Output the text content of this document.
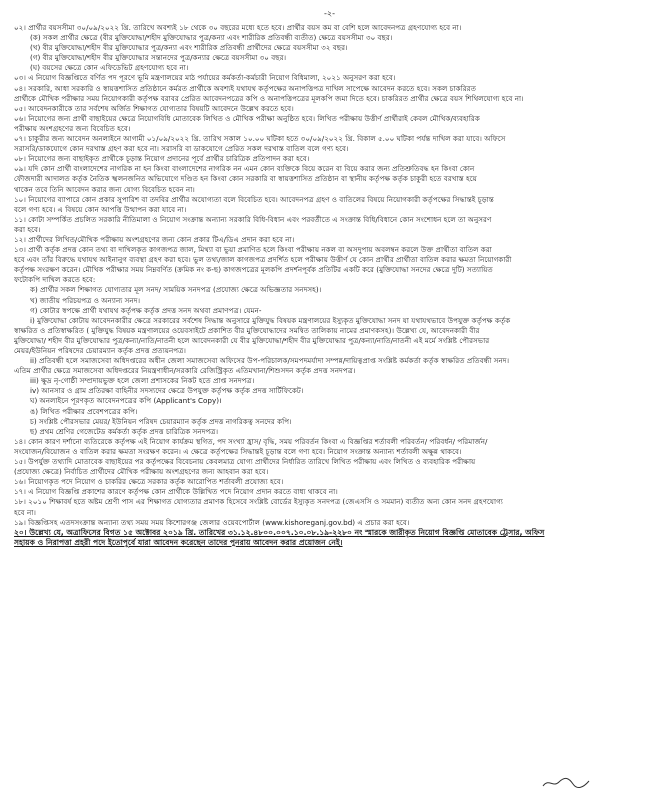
-২-
০২। প্রার্থীর বয়সসীমা ৩০/০৯/২০২২ খ্রি. তারিখে অবশ্যই ১৮ থেকে ৩০ বছরের মধ্যে হতে হবে। প্রার্থীর বয়স কম বা বেশি হলে আবেদনপত্র গ্রহণযোগ্য হবে না।
(ক) সকল প্রার্থীর ক্ষেত্রে (বীর মুক্তিযোদ্ধা/শহীদ মুক্তিযোদ্ধার পুত্র/কন্যা এবং শারীরিক প্রতিবন্ধী ব্যতীত) ক্ষেত্রে বয়সসীমা ৩০ বছর।
(খ) বীর মুক্তিযোদ্ধা/শহীদ বীর মুক্তিযোদ্ধার পুত্র/কন্যা এবং শারীরিক প্রতিবন্ধী প্রার্থীদের ক্ষেত্রে বয়সসীমা ৩২ বছর।
(গ) বীর মুক্তিযোদ্ধা/শহীদ বীর মুক্তিযোদ্ধার সন্তানদের পুত্র/কন্যার ক্ষেত্রে বয়সসীমা ৩০ বছর।
(ঘ) বয়সের ক্ষেত্রে কোন এফিডেভিট গ্রহণযোগ্য হবে না।
০৩। এ নিয়োগ বিজ্ঞপ্তিতে বর্ণিত পদ পূরণে ভূমি মন্ত্রণালয়ের মাঠ পর্যায়ের কর্মকর্তা-কর্মচারী নিয়োগ বিধিমালা, ২০২১ অনুসরণ করা হবে।
০৪। সরকারি, আধা সরকারি ও স্বায়ত্তশাসিত প্রতিষ্ঠানে কর্মরত প্রার্থীকে অবশ্যই যথাযথ কর্তৃপক্ষের অনাপত্তিপত্র দাখিল সাপেক্ষে আবেদন করতে হবে। সকল চাকরিরত
প্রার্থীকে মৌখিক পরীক্ষার সময় নিয়োগকারী কর্তৃপক্ষ বরাবর প্রেরিত আবেদনপত্রের কপি ও অনাপত্তিপত্রের মূলকপি জমা দিতে হবে। চাকরিরত প্রার্থীর ক্ষেত্রে বয়স শিথিলযোগ্য হবে না।
০৫। আবেদনকারীকে তার সর্বশেষ অর্জিত শিক্ষাগত যোগ্যতার বিষয়টি আবেদনে উল্লেখ করতে হবে।
০৬। নিয়োগের জন্য প্রার্থী বাছাইয়ের ক্ষেত্রে নিয়োগবিধি মোতাবেক লিখিত ও মৌখিক পরীক্ষা অনুষ্ঠিত হবে। লিখিত পরীক্ষায় উত্তীর্ণ প্রার্থীরাই কেবল মৌখিক/ব্যবহারিক
পরীক্ষায় অংশগ্রহণের জন্য বিবেচিত হবে।
০৭। চাকুরীর জন্য আবেদন অনলাইনে আগামী ০১/০৯/২০২২ খ্রি. তারিখ সকাল ১০.০০ ঘটিকা হতে ৩০/০৯/২০২২ খ্রি. বিকাল ৫.০০ ঘটিকা পর্যন্ত দাখিল করা যাবে। অফিসে
সরাসরি/ডাকযোগে কোন দরখাস্ত গ্রহণ করা হবে না। সরাসরি বা ডাকযোগে প্রেরিত সকল দরখাস্ত বাতিল বলে গণ্য হবে।
০৮। নিয়োগের জন্য বাছাইকৃত প্রার্থীকে চূড়ান্ত নিয়োগ প্রদানের পূর্বে প্রার্থীর চারিত্রিক প্রতিপাদন করা হবে।
০৯। যদি কোন প্রার্থী বাংলাদেশের নাগরিক না হন কিংবা বাংলাদেশের নাগরিক নন এমন কোন ব্যক্তিকে বিয়ে করেন বা বিয়ে করার জন্য প্রতিশ্রুতিবদ্ধ হন কিংবা কোন
ফৌজদারী আদালত কর্তৃক নৈতিক স্খলনজনিত অভিযোগে দণ্ডিত হন কিংবা কোন সরকারি বা স্বায়ত্তশাসিত প্রতিষ্ঠান বা স্থানীয় কর্তৃপক্ষ কর্তৃক চাকুরী হতে বরখাস্ত হয়ে
থাকেন তবে তিনি আবেদন করার জন্য যোগ্য বিবেচিত হবেন না।
১০। নিয়োগের ব্যাপারে কোন প্রকার সুপারিশ বা তদবির প্রার্থীর অযোগ্যতা বলে বিবেচিত হবে। আবেদনপত্র গ্রহণ ও বাতিলের বিষয়ে নিয়োগকারী কর্তৃপক্ষের সিদ্ধান্তই চূড়ান্ত
বলে গণ্য হবে। এ বিষয়ে কোন আপত্তি উত্থাপন করা যাবে না।
১১। কোটা সম্পর্কিত প্রচলিত সরকারি নীতিমালা ও নিয়োগ সংক্রান্ত অন্যান্য সরকারি বিধি-বিধান এবং পরবর্তীতে এ সংক্রান্ত বিধি/বিধানে কোন সংশোধন হলে তা অনুসরণ
করা হবে।
১২। প্রার্থীদের লিখিত/মৌখিক পরীক্ষায় অংশগ্রহণের জন্য কোন প্রকার টিএ/ডিএ প্রদান করা হবে না।
১৩। প্রার্থী কর্তৃক প্রদত্ত কোন তথ্য বা দাখিলকৃত কাগজপত্র জাল, মিথ্যা বা ভুয়া প্রমাণিত হলে কিংবা পরীক্ষায় নকল বা অসদুপায় অবলম্বন করলে উক্ত প্রার্থীতা বাতিল করা
হবে এবং তাঁর বিরুদ্ধে যথাযথ আইনানুগ ব্যবস্থা গ্রহণ করা হবে। ভুল তথ্য/জাল কাগজপত্র প্রদর্শিত হলে পরীক্ষায় উত্তীর্ণ যে কোন প্রার্থীর প্রার্থীতা বাতিল করার ক্ষমতা নিয়োগকারী
কর্তৃপক্ষ সংরক্ষণ করেন। মৌখিক পরীক্ষার সময় নিম্নবর্ণিত (ক্রমিক নং ক-ছ) কাগজপত্রের মূলকপি প্রদর্শনপূর্বক প্রতিটির একটি করে (মুক্তিযোদ্ধা সনদের ক্ষেত্রে দুটি) সত্যায়িত
ফটোকপি দাখিল করতে হবে:
ক) প্রার্থীর সকল শিক্ষাগত যোগ্যতার মূল সনদ/ সাময়িক সনদপত্র (প্রযোজ্য ক্ষেত্রে অভিজ্ঞতার সনদসহ)।
খ) জাতীয় পরিচয়পত্র ও অন্যান্য সনদ।
গ) কোটার স্বপক্ষে প্রার্থী যথাযথ কর্তৃপক্ষ কর্তৃক প্রদত্ত সনদ অথবা প্রমাণপত্র। যেমন-
i) মুক্তিযোদ্ধা কোটায় আবেদনকারীর ক্ষেত্রে সরকারের সর্বশেষ সিদ্ধান্ত অনুসারে মুক্তিযুদ্ধ বিষয়ক মন্ত্রণালয়ের ইস্যুকৃত মুক্তিযোদ্ধা সনদ যা যথাযথভাবে উপযুক্ত কর্তৃপক্ষ কর্তৃক
স্বাক্ষরিত ও প্রতিস্বাক্ষরিত ( মুক্তিযুদ্ধ বিষয়ক মন্ত্রণালয়ের ওয়েবসাইটে প্রকাশিত বীর মুক্তিযোদ্ধাদের সমন্বিত তালিকায় নামের প্রমাণকসহ)। উল্লেখ্য যে, আবেদনকারী বীর
মুক্তিযোদ্ধা/ শহীদ বীর মুক্তিযোদ্ধার পুত্র/কন্যা/নাতি/নাতনী হলে আবেদনকারী যে বীর মুক্তিযোদ্ধা/শহীদ বীর মুক্তিযোদ্ধার পুত্র/কন্যা/নাতি/নাতনী এই মর্মে সংশ্লিষ্ট পৌরসভার
মেয়র/ইউনিয়ন পরিষদের চেয়ারম্যান কর্তৃক প্রদত্ত প্রত্যয়নপত্র।
ii) প্রতিবন্ধী হলে সমাজসেবা অধিদপ্তরের অধীন জেলা সমাজসেবা অফিসের উপ-পরিচালক/সমপদমর্যাদা সম্পন্ন/দায়িত্বপ্রাপ্ত সংশ্লিষ্ট কর্মকর্তা কর্তৃক স্বাক্ষরিত প্রতিবন্ধী সনদ।
এতিম প্রার্থীর ক্ষেত্রে সমাজসেবা অধিদপ্তরের নিয়ন্ত্রণাধীন/সরকারি রেজিস্ট্রিকৃত এতিমখানা/শিশুসদন কর্তৃক প্রদত্ত সনদপত্র।
iii) ক্ষুদ্র নৃ-গোষ্ঠী সম্প্রদায়ভুক্ত হলে জেলা প্রশাসকের নিকট হতে প্রাপ্ত সনদপত্র।
iv) আনসার ও গ্রাম প্রতিরক্ষা বাহিনীর সদস্যদের ক্ষেত্রে উপযুক্ত কর্তৃপক্ষ কর্তৃক প্রদত্ত সার্টিফিকেট।
ঘ) অনলাইনে পূরণকৃত আবেদনপত্রের কপি (Applicant's Copy)।
ঙ) লিখিত পরীক্ষার প্রবেশপত্রের কপি।
চ) সংশ্লিষ্ট পৌরসভার মেয়র/ ইউনিয়ন পরিষদ চেয়ারম্যান কর্তৃক প্রদত্ত নাগরিকত্ব সনদের কপি।
ছ) প্রথম শ্রেণির গেজেটেড কর্মকর্তা কর্তৃক প্রদত্ত চারিত্রিক সনদপত্র।
১৪। কোন কারণ দর্শানো ব্যতিরেকে কর্তৃপক্ষ এই নিয়োগ কার্যক্রম স্থগিত, পদ সংখ্যা হ্রাস/ বৃদ্ধি, সময় পরিবর্তন কিংবা এ বিজ্ঞপ্তির শর্তাবলী পরিবর্তন/ পরিবর্ধন/ পরিমার্জন/
সংযোজন/বিয়োজন ও বাতিল করার ক্ষমতা সংরক্ষণ করেন। এ ক্ষেত্রে কর্তৃপক্ষের সিদ্ধান্তই চূড়ান্ত বলে গণ্য হবে। নিয়োগ সংক্রান্ত অন্যান্য শর্তাবলী অক্ষুন্ন থাকবে।
১৫। উপর্যুক্ত তথ্যাদি মোতাবেক বাছাইয়ের পর কর্তৃপক্ষের বিবেচনায় কেবলমাত্র যোগ্য প্রার্থীদের নির্ধারিত তারিখে লিখিত পরীক্ষায় এবং লিখিত ও ব্যবহারিক পরীক্ষায়
(প্রযোজ্য ক্ষেত্রে) নির্বাচিত প্রার্থীদের মৌখিক পরীক্ষায় অংশগ্রহণের জন্য আহবান করা হবে।
১৬। নিয়োগকৃত পদে নিয়োগ ও চাকরির ক্ষেত্রে সরকার কর্তৃক আরোপিত শর্তাবলী প্রযোজ্য হবে।
১৭। এ নিয়োগ বিজ্ঞপ্তি প্রকাশের কারণে কর্তৃপক্ষ কোন প্রার্থীকে উল্লিখিত পদে নিয়োগ প্রদান করতে বাধ্য থাকবে না।
১৮। ২০১০ শিক্ষাবর্ষ হতে অষ্টম শ্রেণী পাস এর শিক্ষাগত যোগ্যতার প্রমাণক হিসেবে সংশ্লিষ্ট বোর্ডের ইস্যুকৃত সনদপত্র (জেএসসি ও সমমান) ব্যতীত অন্য কোন সনদ গ্রহণযোগ্য
হবে না।
১৯। বিজ্ঞপ্তিসহ এতদসংক্রান্ত অন্যান্য তথ্য সময় সময় কিশোরগঞ্জ জেলার ওয়েবপোর্টাল (www.kishoreganj.gov.bd) এ প্রচার করা হবে।
২০। উল্লেখ্য যে, অত্রাফিসের বিগত ১৫ অক্টোবর ২০১৯ খ্রি. তারিখের ৩১.১২.৪৮০০.০০৭.১০.০৮.১৯-২২৮০ নং স্মারকে জারীকৃত নিয়োগ বিজ্ঞপ্তি মোতাবেক ট্রেসার, অফিস
সহায়ক ও নিরাপত্তা প্রহরী পদে ইতোপূর্বে যারা আবেদন করেছেন তাদের পুনরায় আবেদন করার প্রয়োজন নেই।
